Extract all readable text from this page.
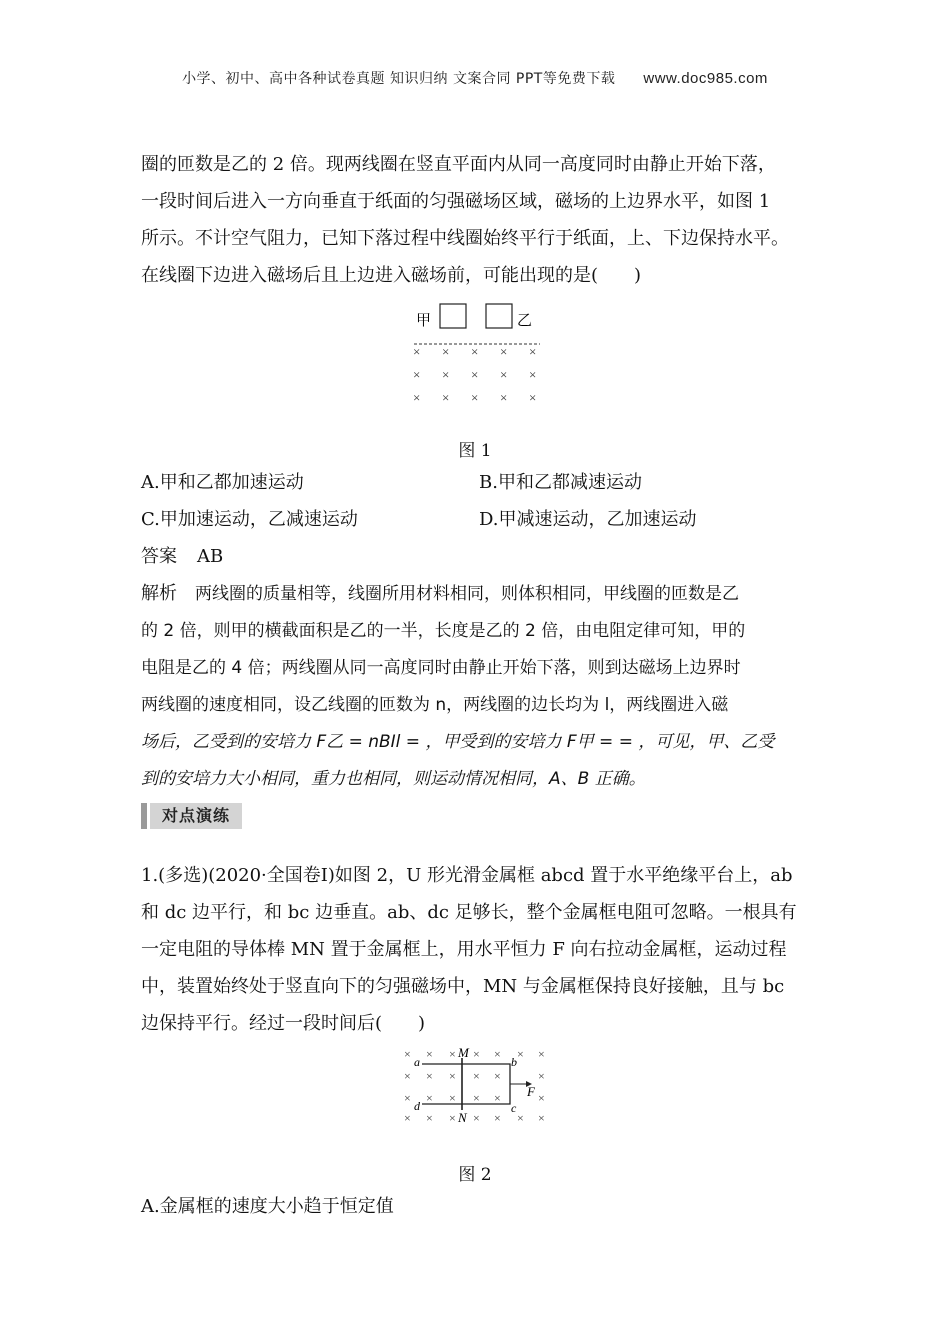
小学、初中、高中各种试卷真题 知识归纳 文案合同 PPT等免费下载 www.doc985.com
圈的匝数是乙的 2 倍。现两线圈在竖直平面内从同一高度同时由静止开始下落，
一段时间后进入一方向垂直于纸面的匀强磁场区域，磁场的上边界水平，如图 1
所示。不计空气阻力，已知下落过程中线圈始终平行于纸面，上、下边保持水平。
在线圈下边进入磁场后且上边进入磁场前，可能出现的是(　　)
甲	乙
× × × × ×
× × × × ×
× × × × ×
图 1
A.甲和乙都加速运动	B.甲和乙都减速运动
C.甲加速运动，乙减速运动	D.甲减速运动，乙加速运动
答案 AB
解析 两线圈的质量相等，线圈所用材料相同，则体积相同，甲线圈的匝数是乙
的 2 倍，则甲的横截面积是乙的一半，长度是乙的 2 倍，由电阻定律可知，甲的
电阻是乙的 4 倍；两线圈从同一高度同时由静止开始下落，则到达磁场上边界时
两线圈的速度相同，设乙线圈的匝数为 n，两线圈的边长均为 l，两线圈进入磁
场后，乙受到的安培力 F乙 = nBIl = ，甲受到的安培力 F甲 = = ，可见，甲、乙受
到的安培力大小相同，重力也相同，则运动情况相同，A、B 正确。
对点演练
1.(多选)(2020·全国卷Ⅰ)如图 2，U 形光滑金属框 abcd 置于水平绝缘平台上，ab
和 dc 边平行，和 bc 边垂直。ab、dc 足够长，整个金属框电阻可忽略。一根具有
一定电阻的导体棒 MN 置于金属框上，用水平恒力 F 向右拉动金属框，运动过程
中，装置始终处于竖直向下的匀强磁场中，MN 与金属框保持良好接触，且与 bc
边保持平行。经过一段时间后(　　)
× × × × × × ×
× × × × ×	×
× × × × ×	×
× × × × × × ×
a	b
c
d
M
N
F
图 2
A.金属框的速度大小趋于恒定值
